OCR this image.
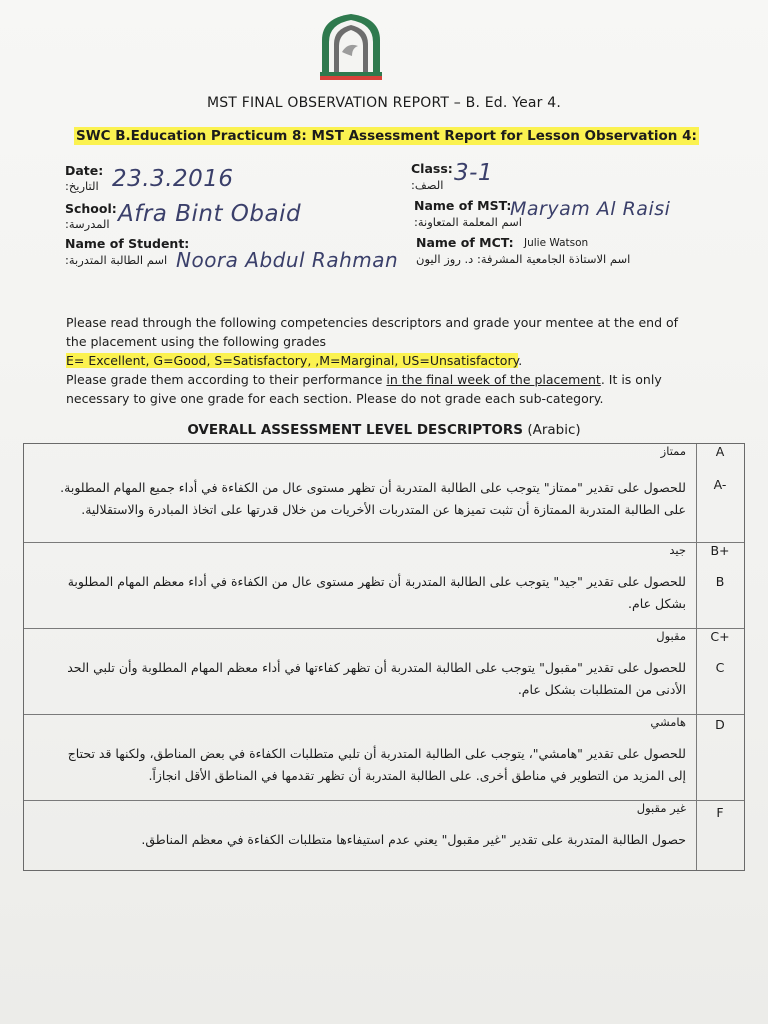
MST FINAL OBSERVATION REPORT – B. Ed. Year 4.
SWC B.Education Practicum 8: MST Assessment Report for Lesson Observation 4:
Date:
التاريخ: 23.3.2016
School:
المدرسة: Afra Bint Obaid
Name of Student:
اسم الطالبة المتدربة: Noora Abdul Rahman
Class:
الصف: 3-1
Name of MST:
اسم المعلمة المتعاونة:
Maryam Al Raisi
Name of MCT: Julie Watson
اسم الاستاذة الجامعية المشرفة: د. روز اليون

Please read through the following competencies descriptors and grade your mentee at the end of

the placement using the following grades

E= Excellent, G=Good, S=Satisfactory, ,M=Marginal, US=Unsatisfactory.

Please grade them according to their performance in the final week of the placement. It is only

necessary to give one grade for each section. Please do not grade each sub-category.

OVERALL ASSESSMENT LEVEL DESCRIPTORS (Arabic)
A
A-
ممتاز
للحصول على تقدير "ممتاز" يتوجب على الطالبة المتدربة أن تظهر مستوى عال من الكفاءة في أداء جميع المهام المطلوبة.
على الطالبة المتدربة الممتازة أن تثبت تميزها عن المتدربات الأخريات من خلال قدرتها على اتخاذ المبادرة والاستقلالية.
B+
B
جيد
للحصول على تقدير "جيد" يتوجب على الطالبة المتدربة أن تظهر مستوى عال من الكفاءة في أداء معظم المهام المطلوبة
بشكل عام.
C+
C
مقبول
للحصول على تقدير "مقبول" يتوجب على الطالبة المتدربة أن تظهر كفاءتها في أداء معظم المهام المطلوبة وأن تلبي الحد
الأدنى من المتطلبات بشكل عام.
D
هامشي
للحصول على تقدير "هامشي"، يتوجب على الطالبة المتدربة أن تلبي متطلبات الكفاءة في بعض المناطق، ولكنها قد تحتاج
إلى المزيد من التطوير في مناطق أخرى. على الطالبة المتدربة أن تظهر تقدمها في المناطق الأقل انجازاً.
F
غير مقبول
حصول الطالبة المتدربة على تقدير "غير مقبول" يعني عدم استيفاءها متطلبات الكفاءة في معظم المناطق.
